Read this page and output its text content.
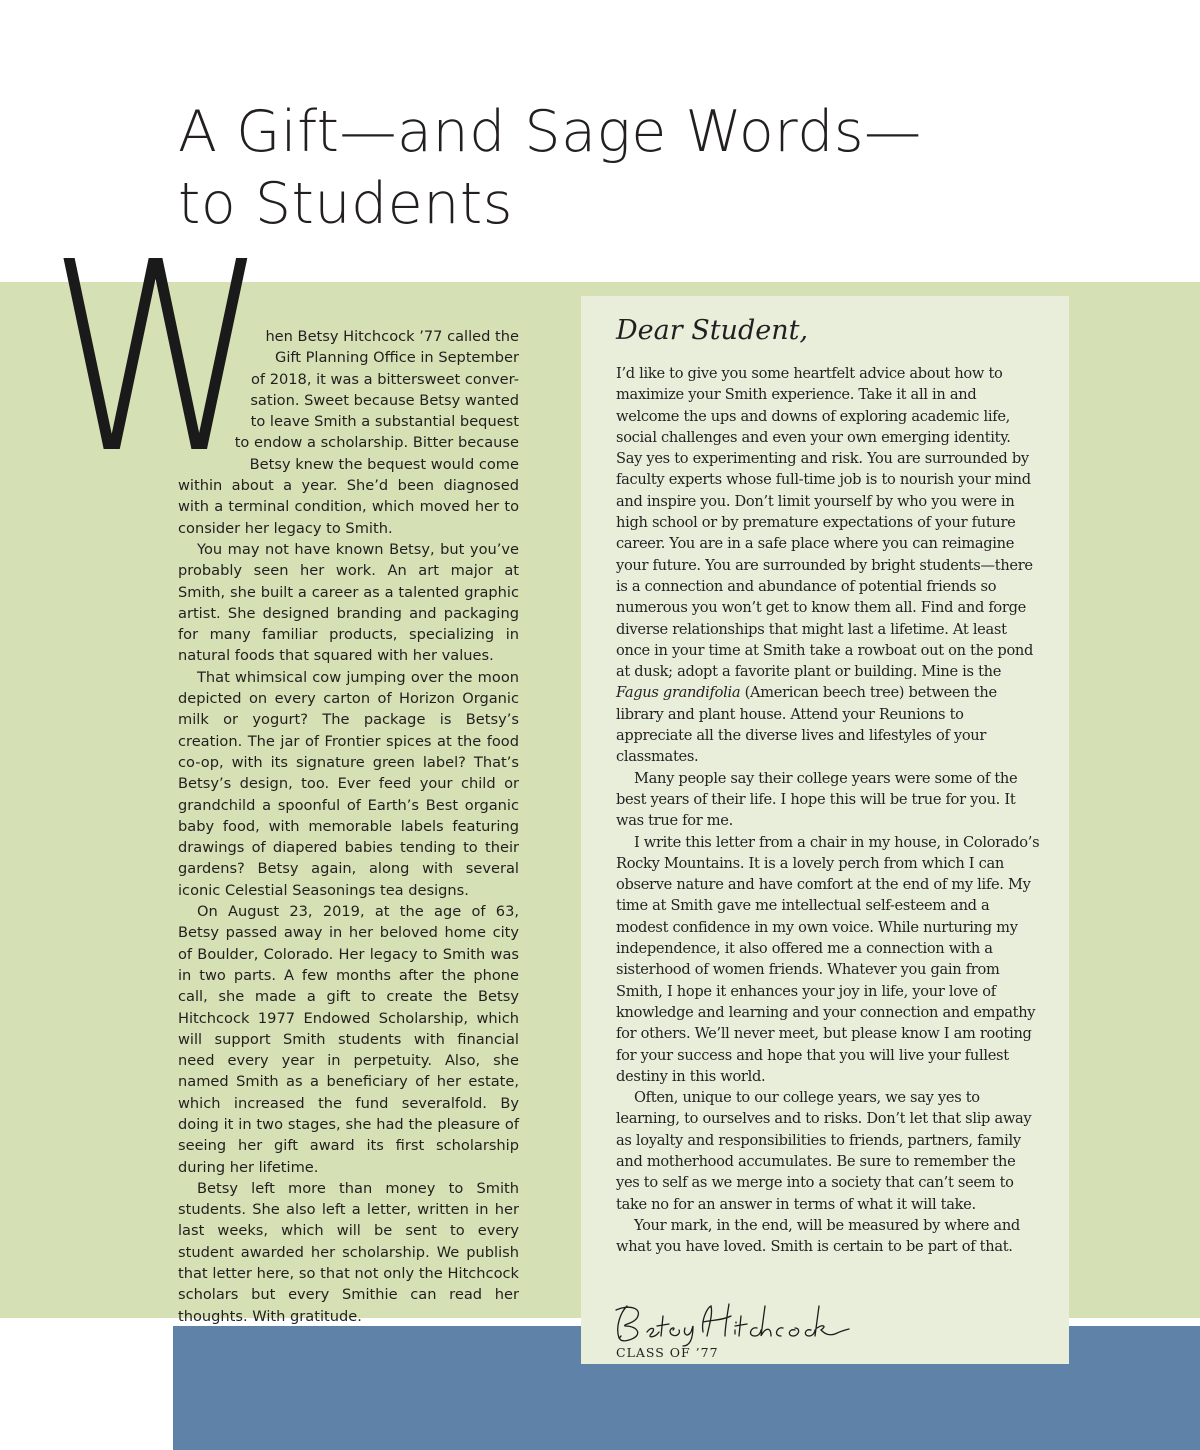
A Gift—and Sage Words—
to Students
W

hen Betsy Hitchcock ’77 called the
Gift Planning Office in September
of 2018, it was a bittersweet conver-
sation. Sweet because Betsy wanted
to leave Smith a substantial bequest
to endow a scholarship. Bitter because
Betsy knew the bequest would come
within about a year. She’d been diagnosed with a terminal condition, which moved her to consider her legacy to Smith.

You may not have known Betsy, but you’ve probably seen her work. An art major at Smith, she built a career as a talented graphic artist. She designed branding and packaging for many familiar products, specializing in natural foods that squared with her values.

That whimsical cow jumping over the moon depicted on every carton of Horizon Organic milk or yogurt? The package is Betsy’s creation. The jar of Frontier spices at the food co-op, with its signature green label? That’s Betsy’s design, too. Ever feed your child or grandchild a spoonful of Earth’s Best organic baby food, with memorable labels featuring drawings of diapered babies tending to their gardens? Betsy again, along with several iconic Celestial Seasonings tea designs.

On August 23, 2019, at the age of 63, Betsy passed away in her beloved home city of Boulder, Colorado. Her legacy to Smith was in two parts. A few months after the phone call, she made a gift to create the Betsy Hitchcock 1977 Endowed Scholarship, which will support Smith students with financial need every year in perpetuity. Also, she named Smith as a beneficiary of her estate, which increased the fund severalfold. By doing it in two stages, she had the pleasure of seeing her gift award its first scholarship during her lifetime.

Betsy left more than money to Smith students. She also left a letter, written in her last weeks, which will be sent to every student awarded her scholarship. We publish that letter here, so that not only the Hitchcock scholars but every Smithie can read her thoughts. With gratitude.

Dear Student,

I’d like to give you some heartfelt advice about how to maximize your Smith experience. Take it all in and welcome the ups and downs of exploring academic life, social challenges and even your own emerging identity. Say yes to experimenting and risk. You are surrounded by faculty experts whose full-time job is to nourish your mind and inspire you. Don’t limit yourself by who you were in high school or by premature expectations of your future career. You are in a safe place where you can reimagine your future. You are surrounded by bright students—there is a connection and abundance of potential friends so numerous you won’t get to know them all. Find and forge diverse relationships that might last a lifetime. At least once in your time at Smith take a rowboat out on the pond at dusk; adopt a favorite plant or building. Mine is the Fagus grandifolia (American beech tree) between the library and plant house. Attend your Reunions to appreciate all the diverse lives and lifestyles of your classmates.

Many people say their college years were some of the best years of their life. I hope this will be true for you. It was true for me.

I write this letter from a chair in my house, in Colorado’s Rocky Mountains. It is a lovely perch from which I can observe nature and have comfort at the end of my life. My time at Smith gave me intellectual self-esteem and a modest confidence in my own voice. While nurturing my independence, it also offered me a connection with a sisterhood of women friends. Whatever you gain from Smith, I hope it enhances your joy in life, your love of knowledge and learning and your connection and empathy for others. We’ll never meet, but please know I am rooting for your success and hope that you will live your fullest destiny in this world.

Often, unique to our college years, we say yes to learning, to ourselves and to risks. Don’t let that slip away as loyalty and responsibilities to friends, partners, family and motherhood accumulates. Be sure to remember the yes to self as we merge into a society that can’t seem to take no for an answer in terms of what it will take.

Your mark, in the end, will be measured by where and what you have loved. Smith is certain to be part of that.

CLASS OF ’77
